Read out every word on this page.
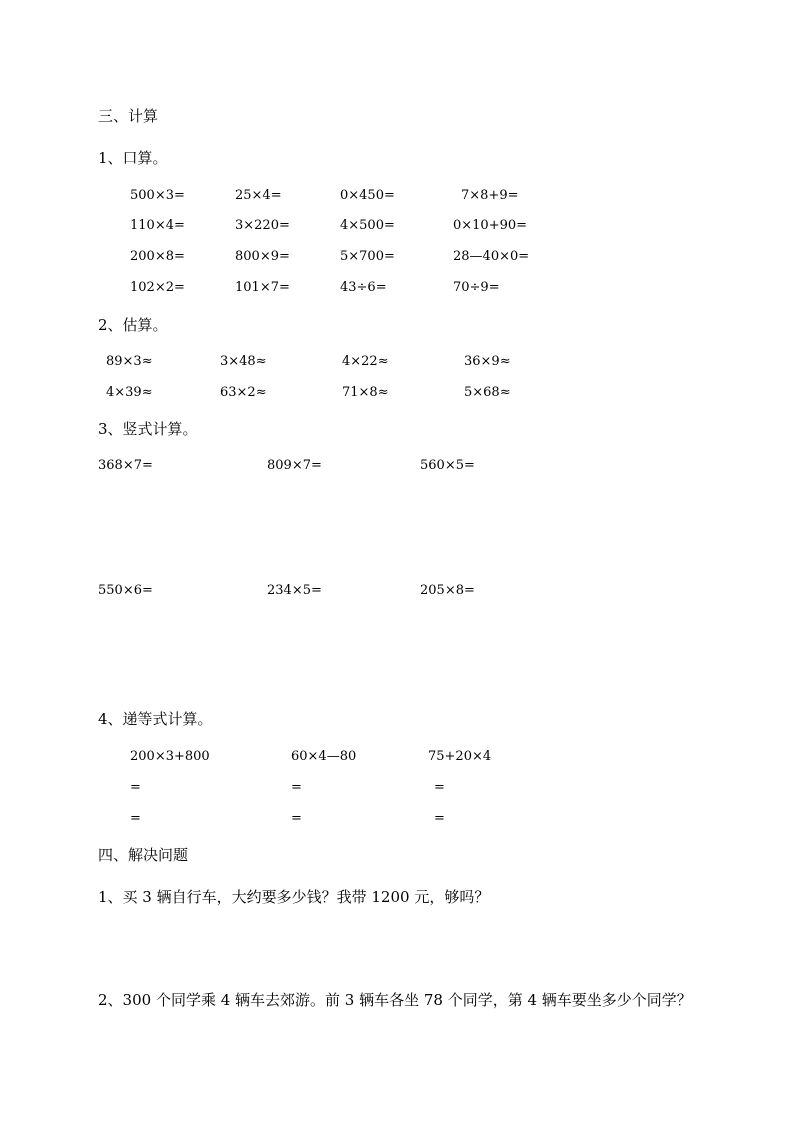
三、计算
1、口算。
500×3=	25×4=	0×450=	7×8+9=
110×4=	3×220=	4×500=	0×10+90=
200×8=	800×9=	5×700=	28—40×0=
102×2=	101×7=	43÷6=	70÷9=
2、估算。
89×3≈	3×48≈	4×22≈	36×9≈
4×39≈	63×2≈	71×8≈	5×68≈
3、竖式计算。
368×7=	809×7=	560×5=
550×6=	234×5=	205×8=
4、递等式计算。
200×3+800	60×4—80	75+20×4
=	=	=
=	=	=
四、解决问题
1、买 3 辆自行车，大约要多少钱？我带 1200 元，够吗？
2、300 个同学乘 4 辆车去郊游。前 3 辆车各坐 78 个同学，第 4 辆车要坐多少个同学？
